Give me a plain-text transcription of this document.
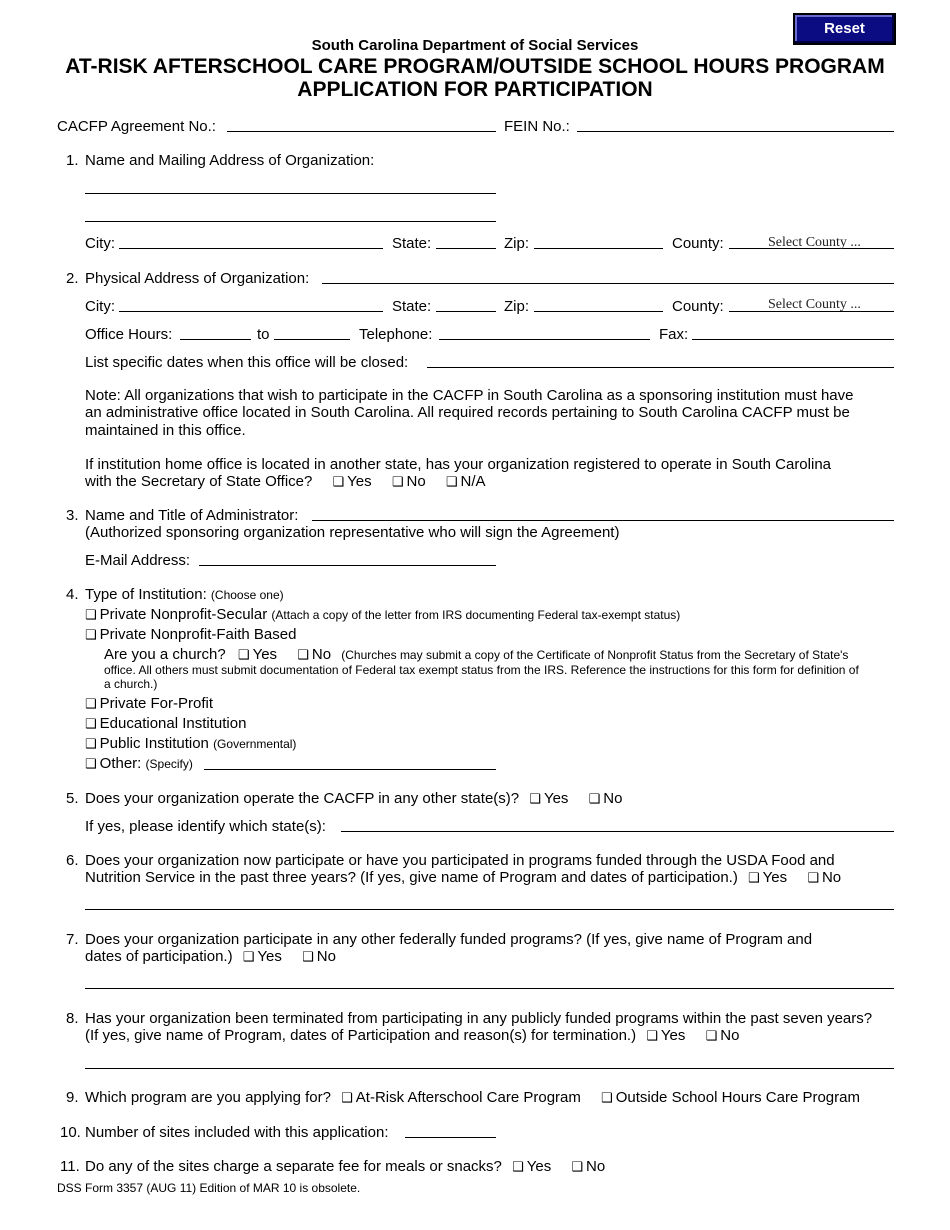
Reset
South Carolina Department of Social Services
AT-RISK AFTERSCHOOL CARE PROGRAM/OUTSIDE SCHOOL HOURS PROGRAM
APPLICATION FOR PARTICIPATION
CACFP Agreement No.:	FEIN No.:
1. Name and Mailing Address of Organization:
City:	State:	Zip:	County:	Select County ...
2. Physical Address of Organization:
City:	State:	Zip:	County:	Select County ...
Office Hours:	to	Telephone:	Fax:
List specific dates when this office will be closed:
Note: All organizations that wish to participate in the CACFP in South Carolina as a sponsoring institution must have
an administrative office located in South Carolina. All required records pertaining to South Carolina CACFP must be
maintained in this office.
If institution home office is located in another state, has your organization registered to operate in South Carolina
with the Secretary of State Office? ❑ Yes ❑ No ❑ N/A
3. Name and Title of Administrator:
(Authorized sponsoring organization representative who will sign the Agreement)
E-Mail Address:
4. Type of Institution: (Choose one)
❑ Private Nonprofit-Secular (Attach a copy of the letter from IRS documenting Federal tax-exempt status)
❑ Private Nonprofit-Faith Based
Are you a church? ❑ Yes ❑ No (Churches may submit a copy of the Certificate of Nonprofit Status from the Secretary of State's
office. All others must submit documentation of Federal tax exempt status from the IRS. Reference the instructions for this form for definition of
a church.)
❑ Private For-Profit
❑ Educational Institution
❑ Public Institution (Governmental)
❑ Other: (Specify)
5. Does your organization operate the CACFP in any other state(s)? ❑ Yes ❑ No
If yes, please identify which state(s):
6. Does your organization now participate or have you participated in programs funded through the USDA Food and
Nutrition Service in the past three years? (If yes, give name of Program and dates of participation.) ❑ Yes ❑ No
7. Does your organization participate in any other federally funded programs? (If yes, give name of Program and
dates of participation.) ❑ Yes ❑ No
8. Has your organization been terminated from participating in any publicly funded programs within the past seven years?
(If yes, give name of Program, dates of Participation and reason(s) for termination.) ❑ Yes ❑ No
9. Which program are you applying for? ❑ At-Risk Afterschool Care Program ❑ Outside School Hours Care Program
10. Number of sites included with this application:
11. Do any of the sites charge a separate fee for meals or snacks? ❑ Yes ❑ No
DSS Form 3357 (AUG 11) Edition of MAR 10 is obsolete.
